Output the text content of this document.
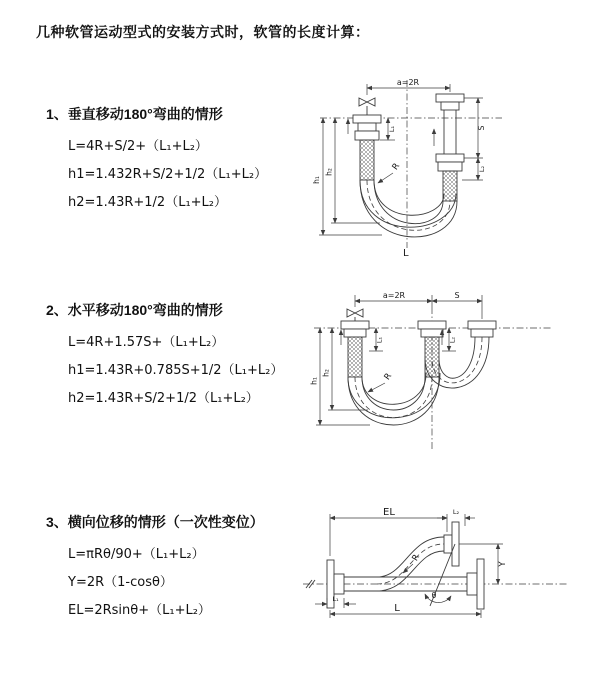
几种软管运动型式的安装方式时，软管的长度计算：
1、垂直移动180°弯曲的情形
L=4R+S/2+（L₁+L₂）
h1=1.432R+S/2+1/2（L₁+L₂）
h2=1.43R+1/2（L₁+L₂）
2、水平移动180°弯曲的情形
L=4R+1.57S+（L₁+L₂）
h1=1.43R+0.785S+1/2（L₁+L₂）
h2=1.43R+S/2+1/2（L₁+L₂）
3、横向位移的情形（一次性变位）
L=πRθ/90+（L₁+L₂）
Y=2R（1-cosθ）
EL=2Rsinθ+（L₁+L₂）
a=2R
h₁
h₂
L₁	S
L₂
R
L
a=2R	S
h₁
h₂
L₁	L₂
R
EL	L₂
Y
L
L₁
R
θ
